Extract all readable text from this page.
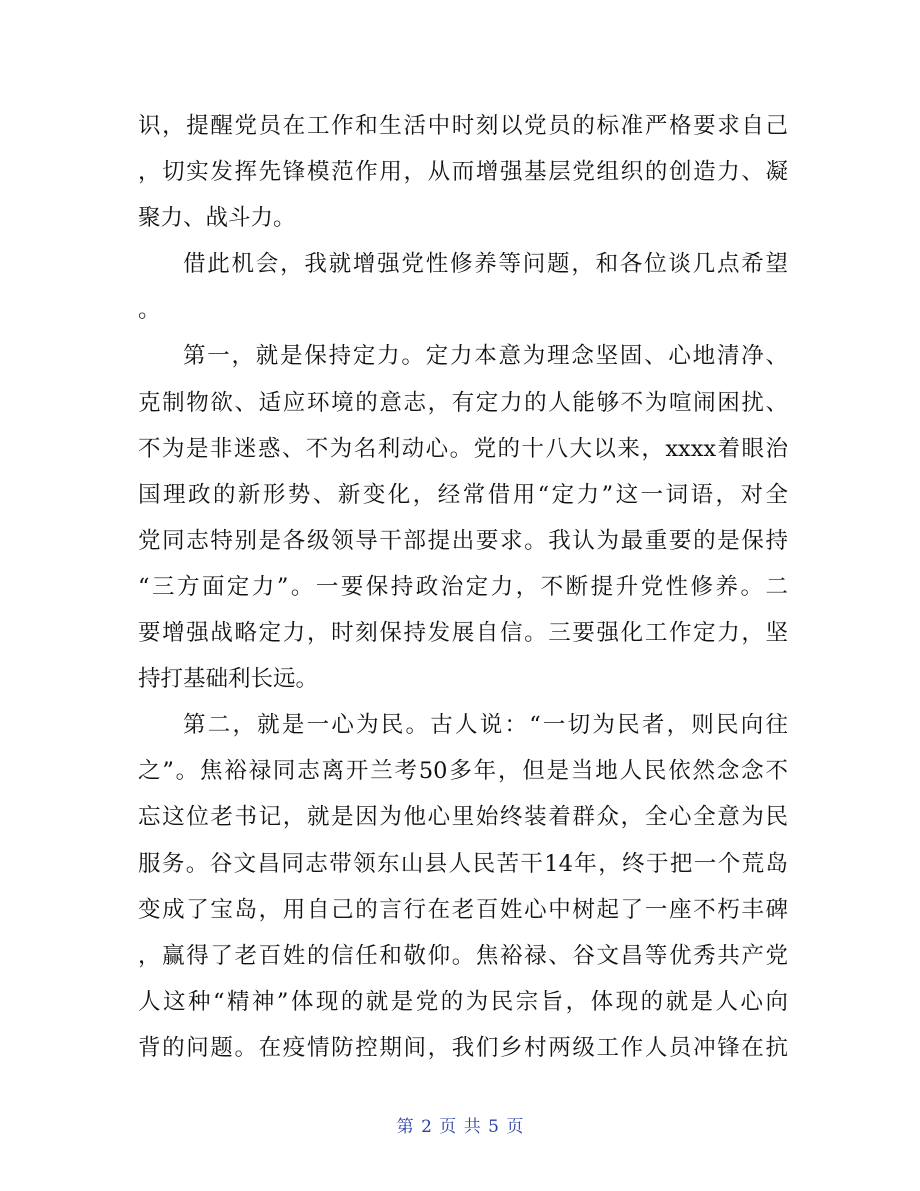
识，提醒党员在工作和生活中时刻以党员的标准严格要求自己
，切实发挥先锋模范作用，从而增强基层党组织的创造力、凝
聚力、战斗力。
借此机会，我就增强党性修养等问题，和各位谈几点希望
。
第一，就是保持定力。定力本意为理念坚固、心地清净、
克制物欲、适应环境的意志，有定力的人能够不为喧闹困扰、
不为是非迷惑、不为名利动心。党的十八大以来，xxxx着眼治
国理政的新形势、新变化，经常借用“定力”这一词语，对全
党同志特别是各级领导干部提出要求。我认为最重要的是保持
“三方面定力”。一要保持政治定力，不断提升党性修养。二
要增强战略定力，时刻保持发展自信。三要强化工作定力，坚
持打基础利长远。
第二，就是一心为民。古人说：“一切为民者，则民向往
之”。焦裕禄同志离开兰考50多年，但是当地人民依然念念不
忘这位老书记，就是因为他心里始终装着群众，全心全意为民
服务。谷文昌同志带领东山县人民苦干14年，终于把一个荒岛
变成了宝岛，用自己的言行在老百姓心中树起了一座不朽丰碑
，赢得了老百姓的信任和敬仰。焦裕禄、谷文昌等优秀共产党
人这种“精神”体现的就是党的为民宗旨，体现的就是人心向
背的问题。在疫情防控期间，我们乡村两级工作人员冲锋在抗
第 2 页 共 5 页
